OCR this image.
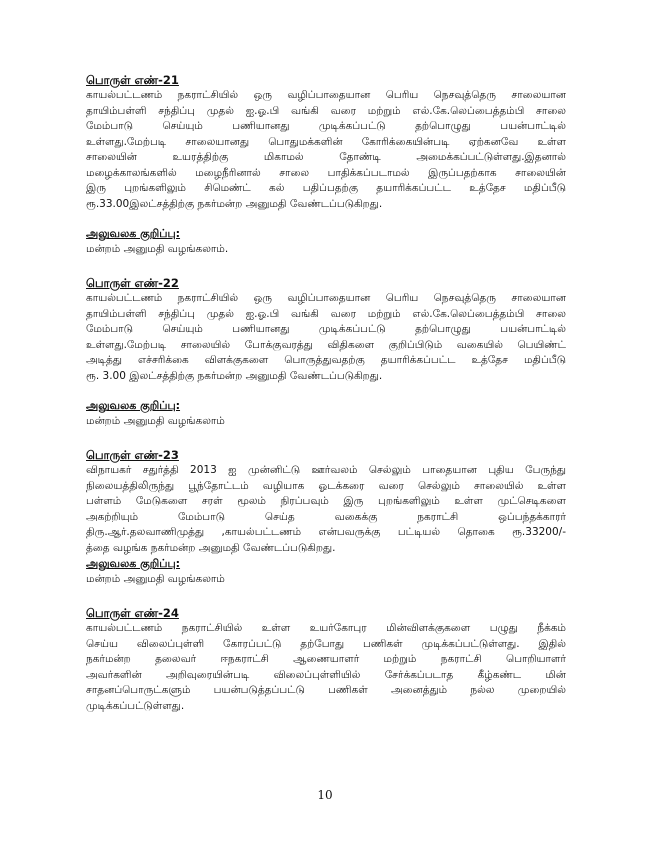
பொருள் எண்-21

காயல்பட்டணம் நகராட்சியில் ஒரு வழிப்பாதையான பெரிய நெசவுத்தெரு சாலையான
தாயிம்பள்ளி சந்திப்பு முதல் ஐ.ஓ.பி வங்கி வரை மற்றும் எல்.கே.லெப்பைத்தம்பி சாலை
மேம்பாடு செய்யும் பணியானது முடிக்கப்பட்டு தற்பொழுது பயன்பாட்டில்
உள்ளது.மேற்படி சாலையானது பொதுமக்களின் கோரிக்கையின்படி ஏற்கனவே உள்ள
சாலையின் உயரத்திற்கு மிகாமல் தோண்டி அமைக்கப்பட்டுள்ளது.இதனால்
மழைக்காலங்களில் மழைநீரினால் சாலை பாதிக்கப்படாமல் இருப்பதற்காக சாலையின்
இரு புறங்களிலும் சிமெண்ட் கல் பதிப்பதற்கு தயாரிக்கப்பட்ட உத்தேச மதிப்பீடு
ரூ.33.00இலட்சத்திற்கு நகர்மன்ற அனுமதி வேண்டப்படுகிறது.

அலுவலக குறிப்பு:

மன்றம் அனுமதி வழங்கலாம்.

பொருள் எண்-22

காயல்பட்டணம் நகராட்சியில் ஒரு வழிப்பாதையான பெரிய நெசவுத்தெரு சாலையான
தாயிம்பள்ளி சந்திப்பு முதல் ஐ.ஓ.பி வங்கி வரை மற்றும் எல்.கே.லெப்பைத்தம்பி சாலை
மேம்பாடு செய்யும் பணியானது முடிக்கப்பட்டு தற்பொழுது பயன்பாட்டில்
உள்ளது.மேற்படி சாலையில் போக்குவரத்து விதிகளை குறிப்பிடும் வகையில் பெயிண்ட்
அடித்து எச்சரிக்கை விளக்குகளை பொருத்துவதற்கு தயாரிக்கப்பட்ட உத்தேச மதிப்பீடு
ரூ. 3.00 இலட்சத்திற்கு நகர்மன்ற அனுமதி வேண்டப்படுகிறது.

அலுவலக குறிப்பு:

மன்றம் அனுமதி வழங்கலாம்

பொருள் எண்-23

விநாயகர் சதுர்த்தி 2013 ஐ முன்னிட்டு ஊர்வலம் செல்லும் பாதையான புதிய பேருந்து
நிலையத்திலிருந்து பூந்தோட்டம் வழியாக ஓடக்கரை வரை செல்லும் சாலையில் உள்ள
பள்ளம் மேடுகளை சரள் மூலம் நிரப்பவும் இரு புறங்களிலும் உள்ள முட்செடிகளை
அகற்றியும் மேம்பாடு செய்த வகைக்கு நகராட்சி ஒப்பந்தக்காரர்
திரு.ஆர்.தலவாணிமுத்து ,காயல்பட்டணம் என்பவருக்கு பட்டியல் தொகை ரூ.33200/-
த்தை வழங்க நகர்மன்ற அனுமதி வேண்டப்படுகிறது.

அலுவலக குறிப்பு:

மன்றம் அனுமதி வழங்கலாம்

பொருள் எண்-24

காயல்பட்டணம் நகராட்சியில் உள்ள உயர்கோபுர மின்விளக்குகளை பழுது நீக்கம்
செய்ய விலைப்புள்ளி கோரப்பட்டு தற்போது பணிகள் முடிக்கப்பட்டுள்ளது. இதில்
நகர்மன்ற தலைவர் ஈநகராட்சி ஆணையாளர் மற்றும் நகராட்சி பொறியாளர்
அவர்களின் அறிவுரையின்படி விலைப்புள்ளியில் சேர்க்கப்படாத கீழ்கண்ட மின்
சாதனப்பொருட்களும் பயன்படுத்தப்பட்டு பணிகள் அனைத்தும் நல்ல முறையில்
முடிக்கப்பட்டுள்ளது.

10
